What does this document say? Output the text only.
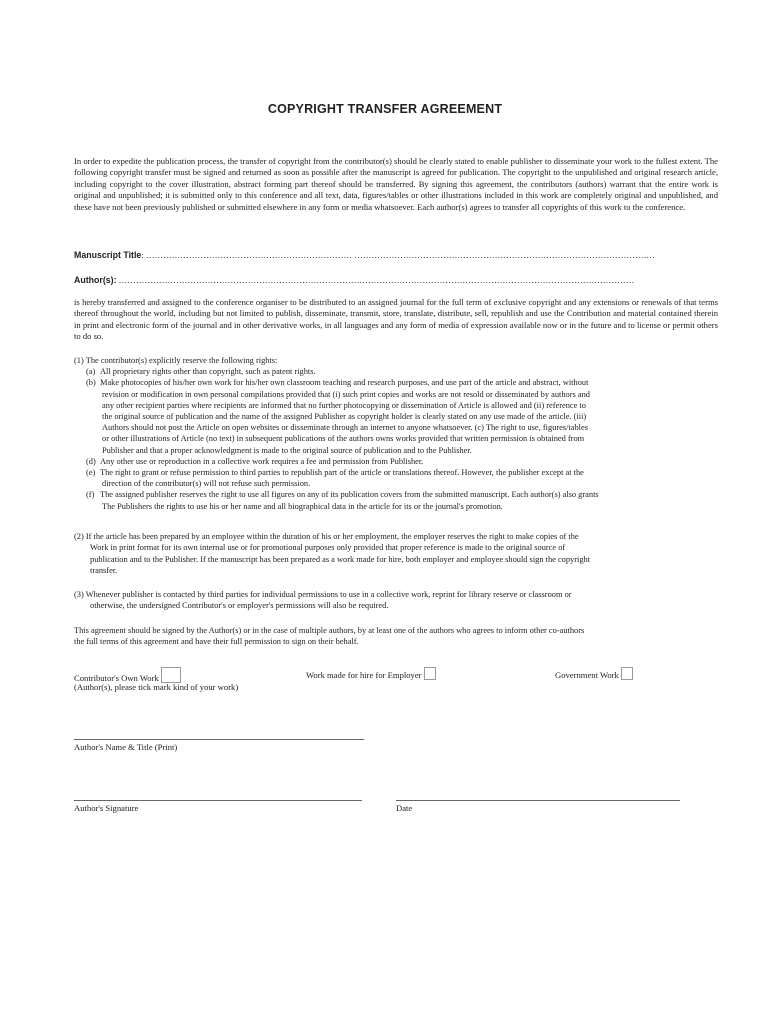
COPYRIGHT TRANSFER AGREEMENT
In order to expedite the publication process, the transfer of copyright from the contributor(s) should be clearly stated to enable publisher to disseminate your work to the fullest extent. The following copyright transfer must be signed and returned as soon as possible after the manuscript is agreed for publication. The copyright to the unpublished and original research article, including copyright to the cover illustration, abstract forming part thereof should be transferred. By signing this agreement, the contributors (authors) warrant that the entire work is original and unpublished; it is submitted only to this conference and all text, data, figures/tables or other illustrations included in this work are completely original and unpublished, and these have not been previously published or submitted elsewhere in any form or media whatsoever. Each author(s) agrees to transfer all copyrights of this work to the conference.
Manuscript Title: ……………………………………………………………… ……………………………………………………………………………………………
Author(s): ………………………………………………………………………………………………………………………………………………………………
is hereby transferred and assigned to the conference organiser to be distributed to an assigned journal for the full term of exclusive copyright and any extensions or renewals of that terms thereof throughout the world, including but not limited to publish, disseminate, transmit, store, translate, distribute, sell, republish and use the Contribution and material contained therein in print and electronic form of the journal and in other derivative works, in all languages and any form of media of expression available now or in the future and to license or permit others to do so.
(1) The contributor(s) explicitly reserve the following rights:
(a) All proprietary rights other than copyright, such as patent rights.
(b) Make photocopies of his/her own work for his/her own classroom teaching and research purposes, and use part of the article and abstract, without
revision or modification in own personal compilations provided that (i) such print copies and works are not resold or disseminated by authors and
any other recipient parties where recipients are informed that no further photocopying or dissemination of Article is allowed and (ii) reference to
the original source of publication and the name of the assigned Publisher as copyright holder is clearly stated on any use made of the article. (iii)
Authors should not post the Article on open websites or disseminate through an internet to anyone whatsoever. (c) The right to use, figures/tables
or other illustrations of Article (no text) in subsequent publications of the authors owns works provided that written permission is obtained from
Publisher and that a proper acknowledgment is made to the original source of publication and to the Publisher.
(d) Any other use or reproduction in a collective work requires a fee and permission from Publisher.
(e) The right to grant or refuse permission to third parties to republish part of the article or translations thereof. However, the publisher except at the
direction of the contributor(s) will not refuse such permission.
(f) The assigned publisher reserves the right to use all figures on any of its publication covers from the submitted manuscript. Each author(s) also grants
The Publishers the rights to use his or her name and all biographical data in the article for its or the journal's promotion.
(2) If the article has been prepared by an employee within the duration of his or her employment, the employer reserves the right to make copies of the
Work in print format for its own internal use or for promotional purposes only provided that proper reference is made to the original source of
publication and to the Publisher. If the manuscript has been prepared as a work made for hire, both employer and employee should sign the copyright
transfer.
(3) Whenever publisher is contacted by third parties for individual permissions to use in a collective work, reprint for library reserve or classroom or
otherwise, the undersigned Contributor's or employer's permissions will also be required.
This agreement should be signed by the Author(s) or in the case of multiple authors, by at least one of the authors who agrees to inform other co-authors
the full terms of this agreement and have their full permission to sign on their behalf.
Contributor's Own Work
(Author(s), please tick mark kind of your work)
Work made for hire for Employer	Government Work
Author's Name & Title (Print)
Author's Signature	Date
